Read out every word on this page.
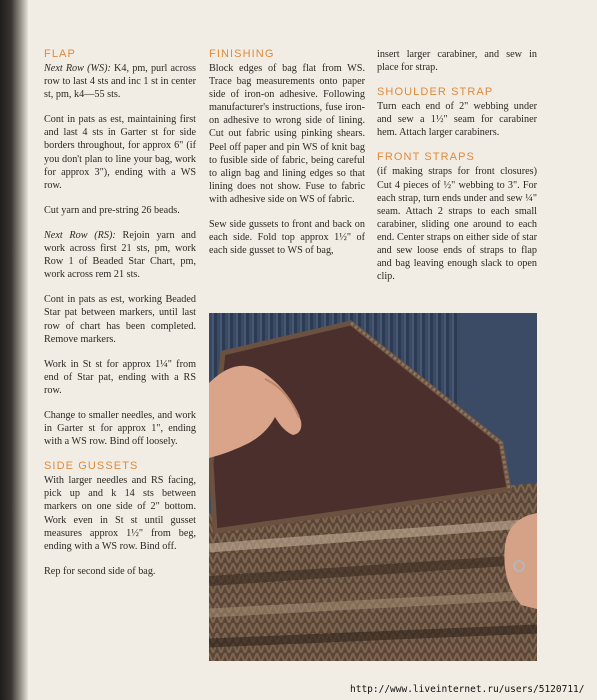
FLAP

Next Row (WS): K4, pm, purl across row to last 4 sts and inc 1 st in center st, pm, k4—55 sts.

Cont in pats as est, maintaining first and last 4 sts in Garter st for side borders throughout, for approx 6" (if you don't plan to line your bag, work for approx 3"), ending with a WS row.

Cut yarn and pre-string 26 beads.

Next Row (RS): Rejoin yarn and work across first 21 sts, pm, work Row 1 of Beaded Star Chart, pm, work across rem 21 sts.

Cont in pats as est, working Beaded Star pat between markers, until last row of chart has been completed. Remove markers.

Work in St st for approx 1¼" from end of Star pat, ending with a RS row.

Change to smaller needles, and work in Garter st for approx 1", ending with a WS row. Bind off loosely.

SIDE GUSSETS

With larger needles and RS facing, pick up and k 14 sts between markers on one side of 2" bottom. Work even in St st until gusset measures approx 1½" from beg, ending with a WS row. Bind off.

Rep for second side of bag.

FINISHING

Block edges of bag flat from WS. Trace bag measurements onto paper side of iron-on adhesive. Following manufacturer's instructions, fuse iron-on adhesive to wrong side of lining. Cut out fabric using pinking shears. Peel off paper and pin WS of knit bag to fusible side of fabric, being careful to align bag and lining edges so that lining does not show. Fuse to fabric with adhesive side on WS of fabric.

Sew side gussets to front and back on each side. Fold top approx 1½" of each side gusset to WS of bag,

insert larger carabiner, and sew in place for strap.

SHOULDER STRAP

Turn each end of 2" webbing under and sew a 1½" seam for carabiner hem. Attach larger carabiners.

FRONT STRAPS

(if making straps for front closures) Cut 4 pieces of ½" webbing to 3". For each strap, turn ends under and sew ¼" seam. Attach 2 straps to each small carabiner, sliding one around to each end. Center straps on either side of star and sew loose ends of straps to flap and bag leaving enough slack to open clip.

http://www.liveinternet.ru/users/5120711/
